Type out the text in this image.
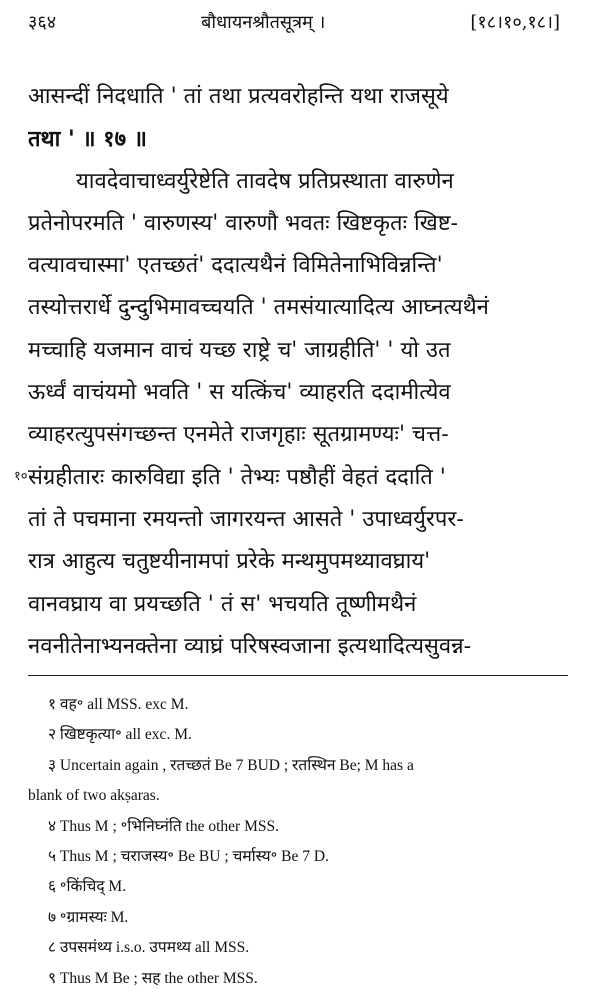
३६४	बौधायनश्रौतसूत्रम् ।	[१८।१०,१८।]
आसन्दीं निदधाति ' तां तथा प्रत्यवरोहन्ति यथा राजसूये
तथा ' ॥ १७ ॥
यावदेवाचाध्वर्युरेष्टेति तावदेष प्रतिप्रस्थाता वारुणेन
प्रतेनोपरमति ' वारुणस्य' वारुणौ भवतः खिष्टकृतः खिष्ट-
वत्यावचास्मा' एतच्छतं' ददात्यथैनं विमितेनाभिविन्नन्ति'
तस्योत्तरार्धे दुन्दुभिमावच्चयति ' तमसंयात्यादित्य आघ्नत्यथैनं
मच्चाहि यजमान वाचं यच्छ राष्ट्रे च' जाग्रहीति' ' यो उत
ऊर्ध्वं वाचंयमो भवति ' स यत्किंच' व्याहरति ददामीत्येव
व्याहरत्युपसंगच्छन्त एनमेते राजगृहाः सूतग्रामण्यः' चत्त-
संग्रहीतारः कारुविद्या इति ' तेभ्यः पष्ठौहीं वेहतं ददाति '
तां ते पचमाना रमयन्तो जागरयन्त आसते ' उपाध्वर्युरपर-
रात्र आहुत्य चतुष्टयीनामपां प्ररेके मन्थमुपमथ्यावघ्राय'
वानवघ्राय वा प्रयच्छति ' तं स' भचयति तूष्णीमथैनं
नवनीतेनाभ्यनक्तेना व्याघ्रं परिषस्वजाना इत्यथादित्यसुवन्न-
१०
१ वह॰ all MSS. exc M.
२ खिष्टकृत्या॰ all exc. M.
३ Uncertain again , रतच्छतं Be 7 BUD ; रतस्थिन Be; M has a
blank of two akṣaras.
४ Thus M ; ॰भिनिघ्नंति the other MSS.
५ Thus M ; चराजस्य॰ Be BU ; चर्मास्य॰ Be 7 D.
६ ॰किंचिद् M.
७ ॰ग्रामस्यः M.
८ उपसमंथ्य i.s.o. उपमथ्य all MSS.
९ Thus M Be ; सह the other MSS.
